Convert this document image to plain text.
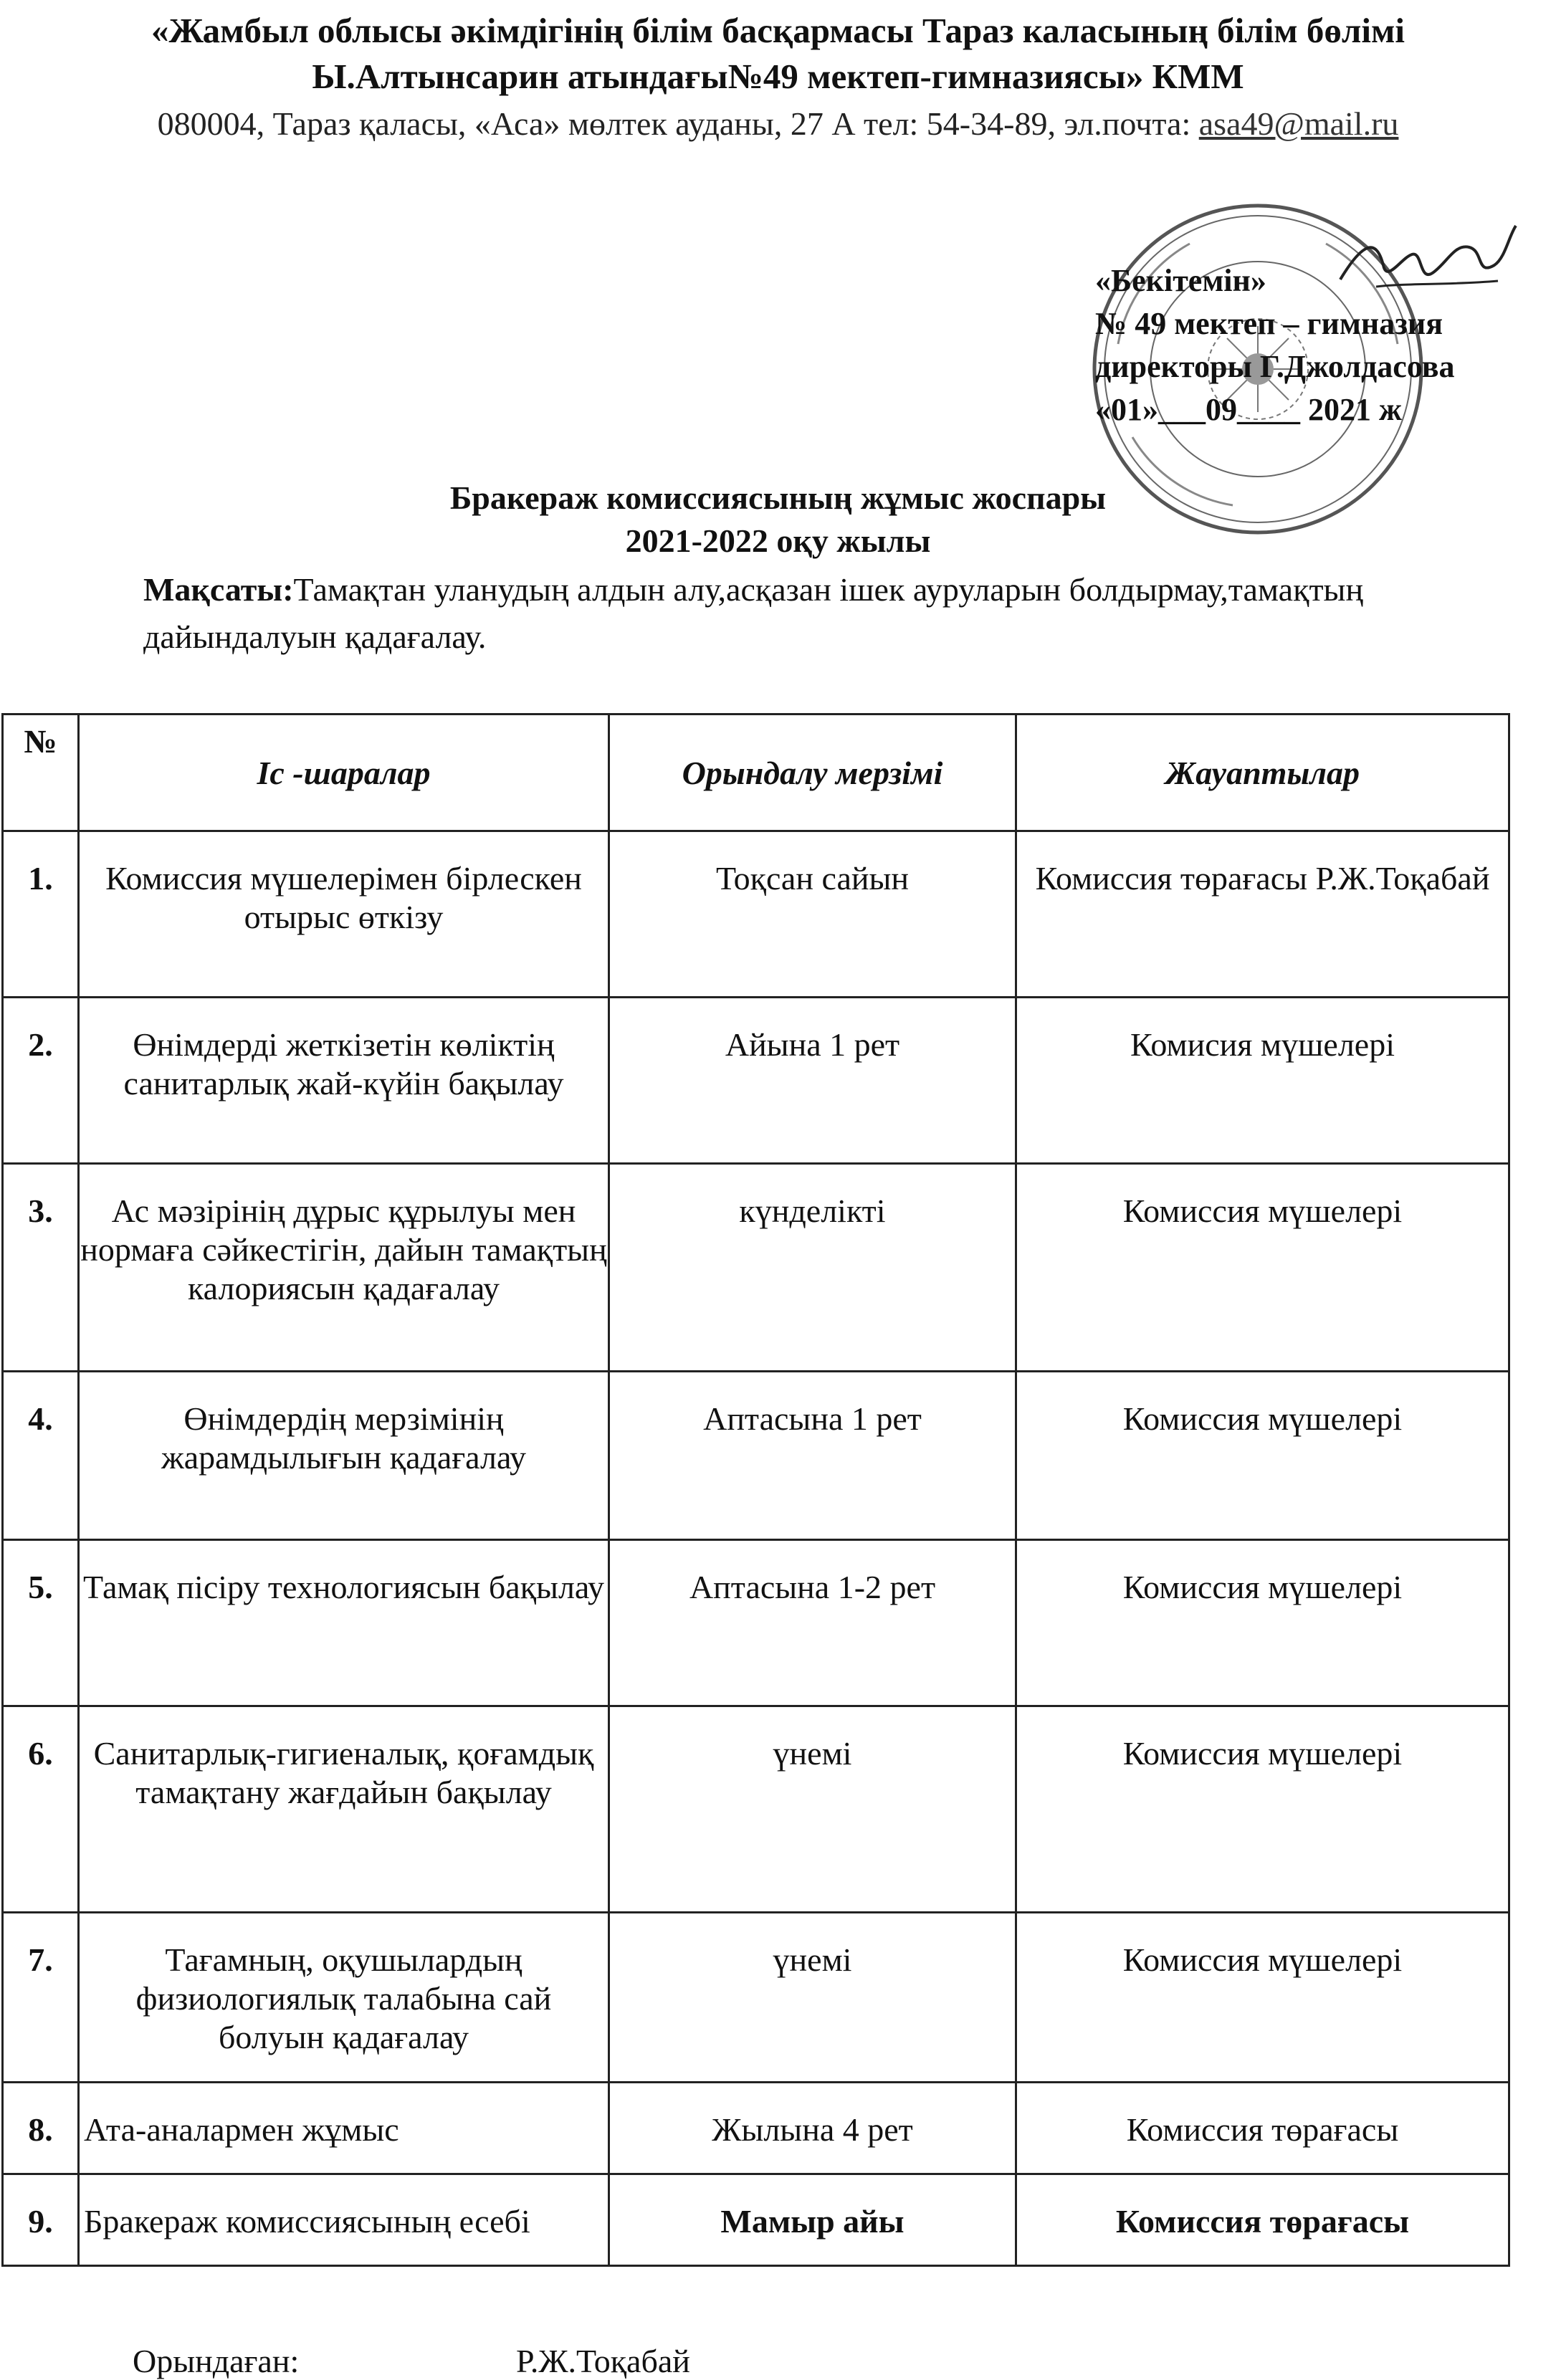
«Жамбыл облысы әкімдігінің білім басқармасы Тараз каласының білім бөлімі
Ы.Алтынсарин атындағы№49 мектеп-гимназиясы» КММ
080004, Тараз қаласы, «Аса» мөлтек ауданы, 27 А тел: 54-34-89, эл.почта: asa49@mail.ru
«Бекітемін»
№ 49 мектеп – гимназия
директоры Г.Джолдасова
«01»___09____ 2021 ж
Бракераж комиссиясының жұмыс жоспары
2021-2022 оқу жылы
Мақсаты:Тамақтан уланудың алдын алу,асқазан ішек ауруларын болдырмау,тамақтың дайындалуын қадағалау.
№	Іс -шаралар	Орындалу мерзімі	Жауаптылар
1.	Комиссия мүшелерімен бірлескен отырыс өткізу	Тоқсан сайын	Комиссия төрағасы Р.Ж.Тоқабай
2.	Өнімдерді жеткізетін көліктің санитарлық жай-күйін бақылау	Айына 1 рет	Комисия мүшелері
3.	Ас мәзірінің дұрыс құрылуы мен нормаға сәйкестігін, дайын тамақтың калориясын қадағалау	күнделікті	Комиссия мүшелері
4.	Өнімдердің мерзімінің жарамдылығын қадағалау	Аптасына 1 рет	Комиссия мүшелері
5.	Тамақ пісіру технологиясын бақылау	Аптасына 1-2 рет	Комиссия мүшелері
6.	Санитарлық-гигиеналық, қоғамдық тамақтану жағдайын бақылау	үнемі	Комиссия мүшелері
7.	Тағамның, оқушылардың физиологиялық талабына сай болуын қадағалау	үнемі	Комиссия мүшелері
8.	Ата-аналармен жұмыс	Жылына 4 рет	Комиссия төрағасы
9.	Бракераж комиссиясының есебі	Мамыр айы	Комиссия төрағасы
Орындаған:	Р.Ж.Тоқабай
